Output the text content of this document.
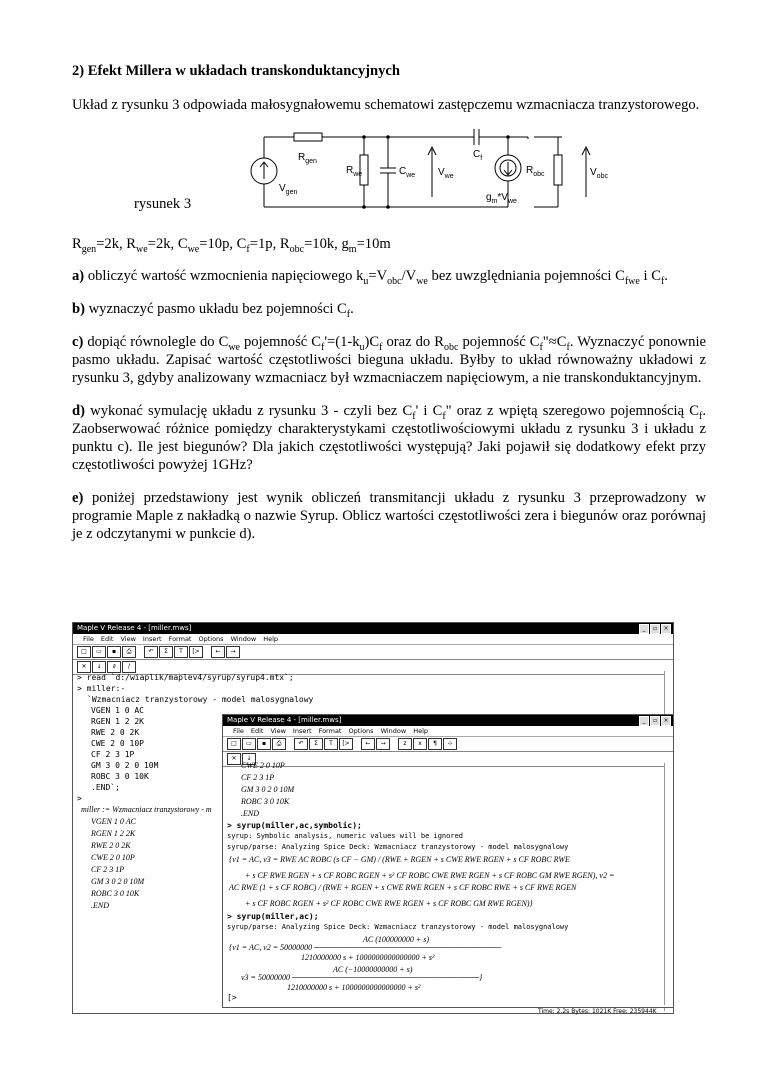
2) Efekt Millera w układach transkonduktancyjnych

Układ z rysunku 3 odpowiada małosygnałowemu schematowi zastępczemu wzmacniacza tranzystorowego.

rysunek 3
$R_{gen}$
$V_{gen}$
$R_{we}$	$C_{we}$ $V_{we}$
$C_f$
$g_m*V_{we}$
$R_{obc}$	$V_{obc}$

$R_{gen}=2k$, $R_{we}=2k$, $C_{we}=10p$, $C_f=1p$, $R_{obc}=10k$, $g_m=10m$

a) obliczyć wartość wzmocnienia napięciowego $k_u=V_{obc}/V_{we}$ bez uwzględniania pojemności $C_{fwe}$ i $C_f$.

b) wyznaczyć pasmo układu bez pojemności $C_f$.

c) dopiąć równolegle do $C_{we}$ pojemność $C_f'=(1-k_u)C_f$ oraz do $R_{obc}$ pojemność $C_f"\approx C_f$. Wyznaczyć ponownie pasmo układu. Zapisać wartość częstotliwości bieguna układu. Byłby to układ równoważny układowi z rysunku 3, gdyby analizowany wzmacniacz był wzmacniaczem napięciowym, a nie transkonduktancyjnym.

d) wykonać symulację układu z rysunku 3 - czyli bez $C_f'$ i $C_f$" oraz z wpiętą szeregowo pojemnością $C_f$. Zaobserwować różnice pomiędzy charakterystykami częstotliwościowymi układu z rysunku 3 i układu z punktu c). Ile jest biegunów? Dla jakich częstotliwości występują? Jaki pojawił się dodatkowy efekt przy częstotliwości powyżej 1GHz?

e) poniżej przedstawiony jest wynik obliczeń transmitancji układu z rysunku 3 przeprowadzony w programie Maple z nakładką o nazwie Syrup. Oblicz wartości częstotliwości zera i biegunów oraz porównaj je z odczytanymi w punkcie d).

Maple V Release 4 - [miller.mws]	_	▫	×
File Edit View Insert Format Options Window Help
□	▭	▪	⎙	↶	Σ	T	[>	←	→
✕	↓	∂	/
> read `d:/wiaplik/maplev4/syrup/syrup4.mtx`;
> miller:-
`Wzmacniacz tranzystorowy - model malosygnalowy
VGEN 1 0 AC
RGEN 1 2 2K
RWE 2 0 2K
CWE 2 0 10P
CF 2 3 1P
GM 3 0 2 0 10M
ROBC 3 0 10K
.END`;
>
miller := Wzmacniacz tranzystorowy - m
VGEN 1 0 AC
RGEN 1 2 2K
RWE 2 0 2K
CWE 2 0 10P
CF 2 3 1P
GM 3 0 2 0 10M
ROBC 3 0 10K
.END
Maple V Release 4 - [miller.mws]	_	▫	×
File Edit View Insert Format Options Window Help
□	▭	▪	⎙	↶	Σ	T	[>	←	→	z	x	¶	⊹
✕	↓
CWE 2 0 10P
CF 2 3 1P
GM 3 0 2 0 10M
ROBC 3 0 10K
.END
> syrup(miller,ac,symbolic);
syrup: Symbolic analysis, numeric values will be ignored
syrup/parse: Analyzing Spice Deck: Wzmacniacz tranzystorowy - model malosygnalowy
{v1 = AC, v3 = RWE AC ROBC (s CF − GM) / (RWE + RGEN + s CWE RWE RGEN + s CF ROBC RWE
+ s CF RWE RGEN + s CF ROBC RGEN + s² CF ROBC CWE RWE RGEN + s CF ROBC GM RWE RGEN), v2 =
AC RWE (1 + s CF ROBC) / (RWE + RGEN + s CWE RWE RGEN + s CF ROBC RWE + s CF RWE RGEN
+ s CF ROBC RGEN + s² CF ROBC CWE RWE RGEN + s CF ROBC GM RWE RGEN)}
> syrup(miller,ac);
syrup/parse: Analyzing Spice Deck: Wzmacniacz tranzystorowy - model malosygnalowy
AC (100000000 + s)
{v1 = AC, v2 = 50000000 ─────────────────────────────────
1210000000 s + 1000000000000000 + s²
AC (−10000000000 + s)
v3 = 50000000 ─────────────────────────────────}
1210000000 s + 1000000000000000 + s²
[>
Time: 2.2s Bytes: 1021K Free: 235944K
